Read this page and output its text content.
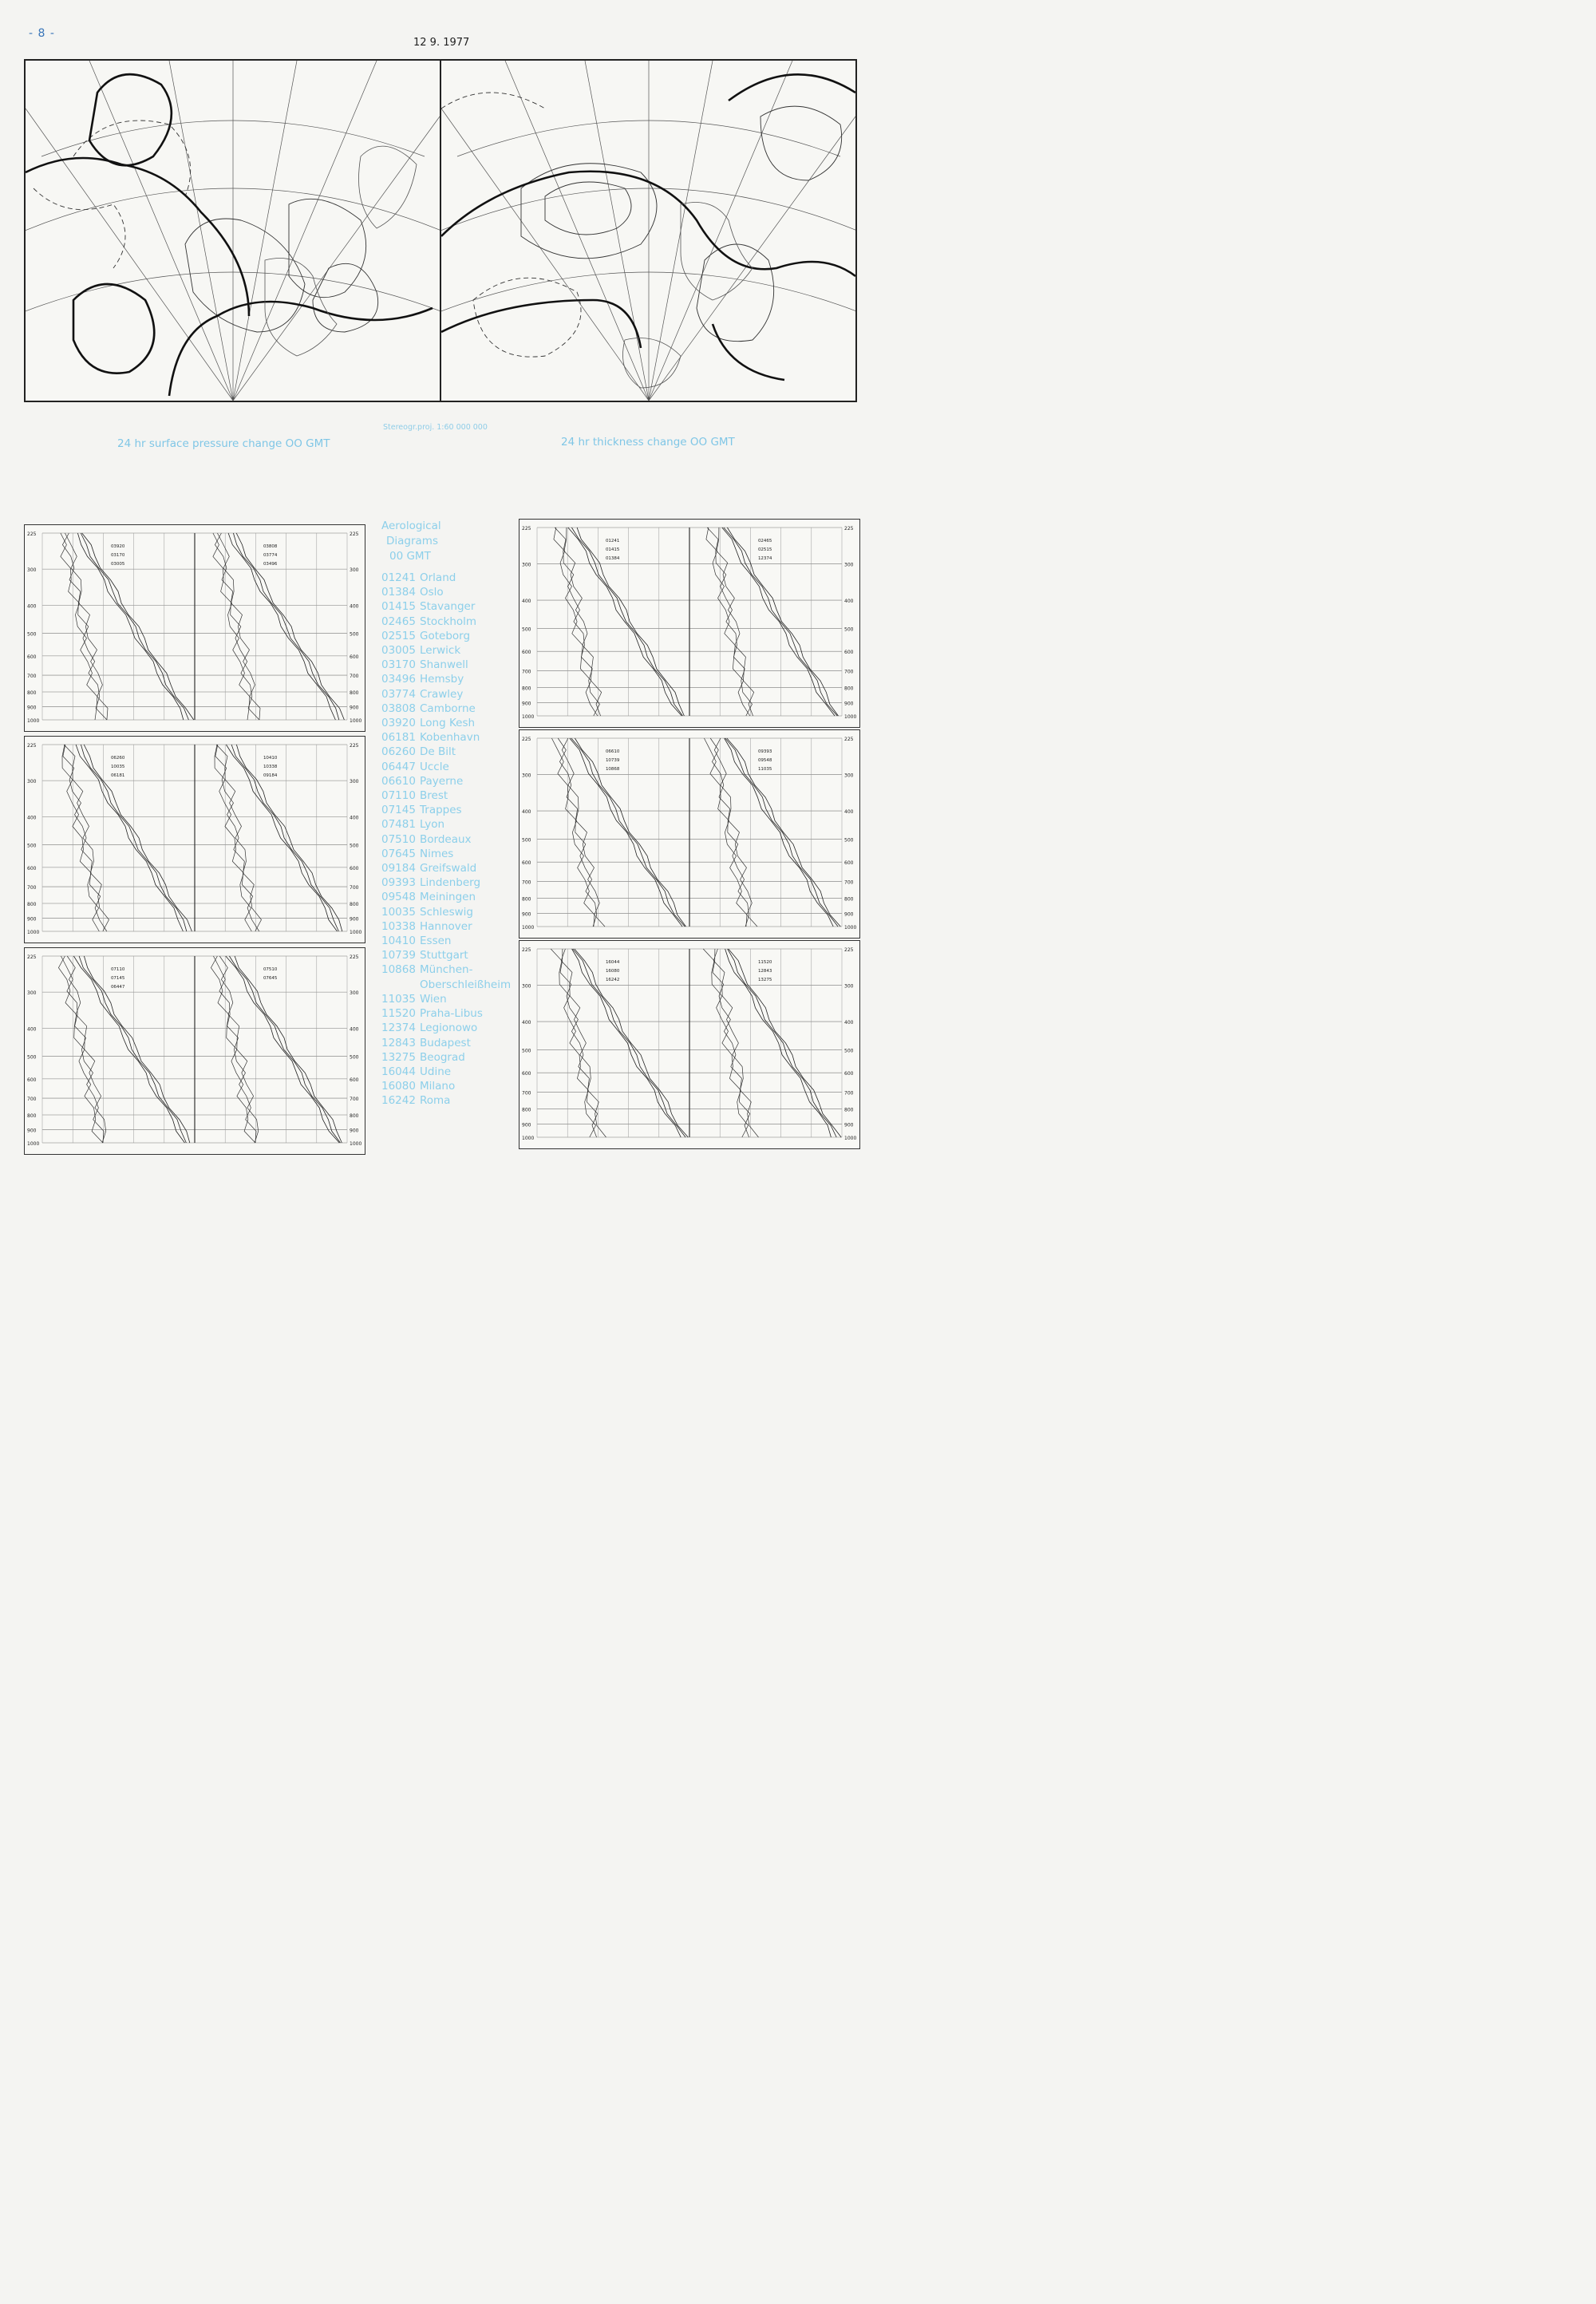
- 8 -
12 9. 1977
Stereogr.proj. 1:60 000 000
24 hr surface pressure change OO GMT	24 hr thickness change OO GMT
Aerological
Diagrams
00 GMT
01241 Orland
01384 Oslo
01415 Stavanger
02465 Stockholm
02515 Goteborg
03005 Lerwick
03170 Shanwell
03496 Hemsby
03774 Crawley
03808 Camborne
03920 Long Kesh
06181 Kobenhavn
06260 De Bilt
06447 Uccle
06610 Payerne
07110 Brest
07145 Trappes
07481 Lyon
07510 Bordeaux
07645 Nimes
09184 Greifswald
09393 Lindenberg
09548 Meiningen
10035 Schleswig
10338 Hannover
10410 Essen
10739 Stuttgart
10868 München-
Oberschleißheim
11035 Wien
11520 Praha-Libus
12374 Legionowo
12843 Budapest
13275 Beograd
16044 Udine
16080 Milano
16242 Roma
225	225
300	300
400	400
500	500
600	600
700	700
800	800
900	900
1000	1000
03920
03170
03005
03808
03774
03496
225	225
300	300
400	400
500	500
600	600
700	700
800	800
900	900
1000	1000
06260
10035
06181
10410
10338
09184
225	225
300	300
400	400
500	500
600	600
700	700
800	800
900	900
1000	1000
07110
07145
06447
07510
07645
225	225
300	300
400	400
500	500
600	600
700	700
800	800
900	900
1000	1000
01241
01415
01384
02465
02515
12374
225	225
300	300
400	400
500	500
600	600
700	700
800	800
900	900
1000	1000
06610
10739
10868
09393
09548
11035
225	225
300	300
400	400
500	500
600	600
700	700
800	800
900	900
1000	1000
16044
16080
16242
11520
12843
13275
